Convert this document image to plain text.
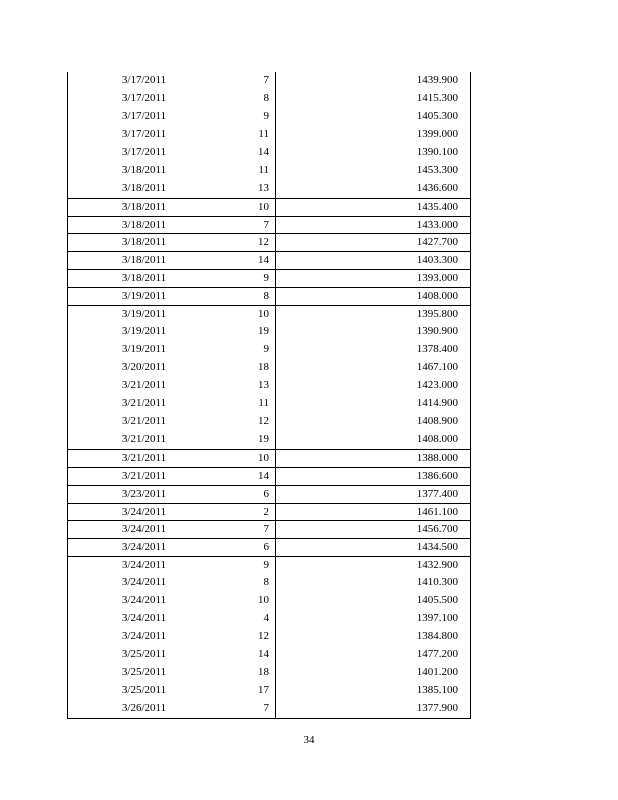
3/17/2011	7	1439.900
3/17/2011	8	1415.300
3/17/2011	9	1405.300
3/17/2011	11	1399.000
3/17/2011	14	1390.100
3/18/2011	11	1453.300
3/18/2011	13	1436.600
3/18/2011	10	1435.400
3/18/2011	7	1433.000
3/18/2011	12	1427.700
3/18/2011	14	1403.300
3/18/2011	9	1393.000
3/19/2011	8	1408.000
3/19/2011	10	1395.800
3/19/2011	19	1390.900
3/19/2011	9	1378.400
3/20/2011	18	1467.100
3/21/2011	13	1423.000
3/21/2011	11	1414.900
3/21/2011	12	1408.900
3/21/2011	19	1408.000
3/21/2011	10	1388.000
3/21/2011	14	1386.600
3/23/2011	6	1377.400
3/24/2011	2	1461.100
3/24/2011	7	1456.700
3/24/2011	6	1434.500
3/24/2011	9	1432.900
3/24/2011	8	1410.300
3/24/2011	10	1405.500
3/24/2011	4	1397.100
3/24/2011	12	1384.800
3/25/2011	14	1477.200
3/25/2011	18	1401.200
3/25/2011	17	1385.100
3/26/2011	7	1377.900
34
